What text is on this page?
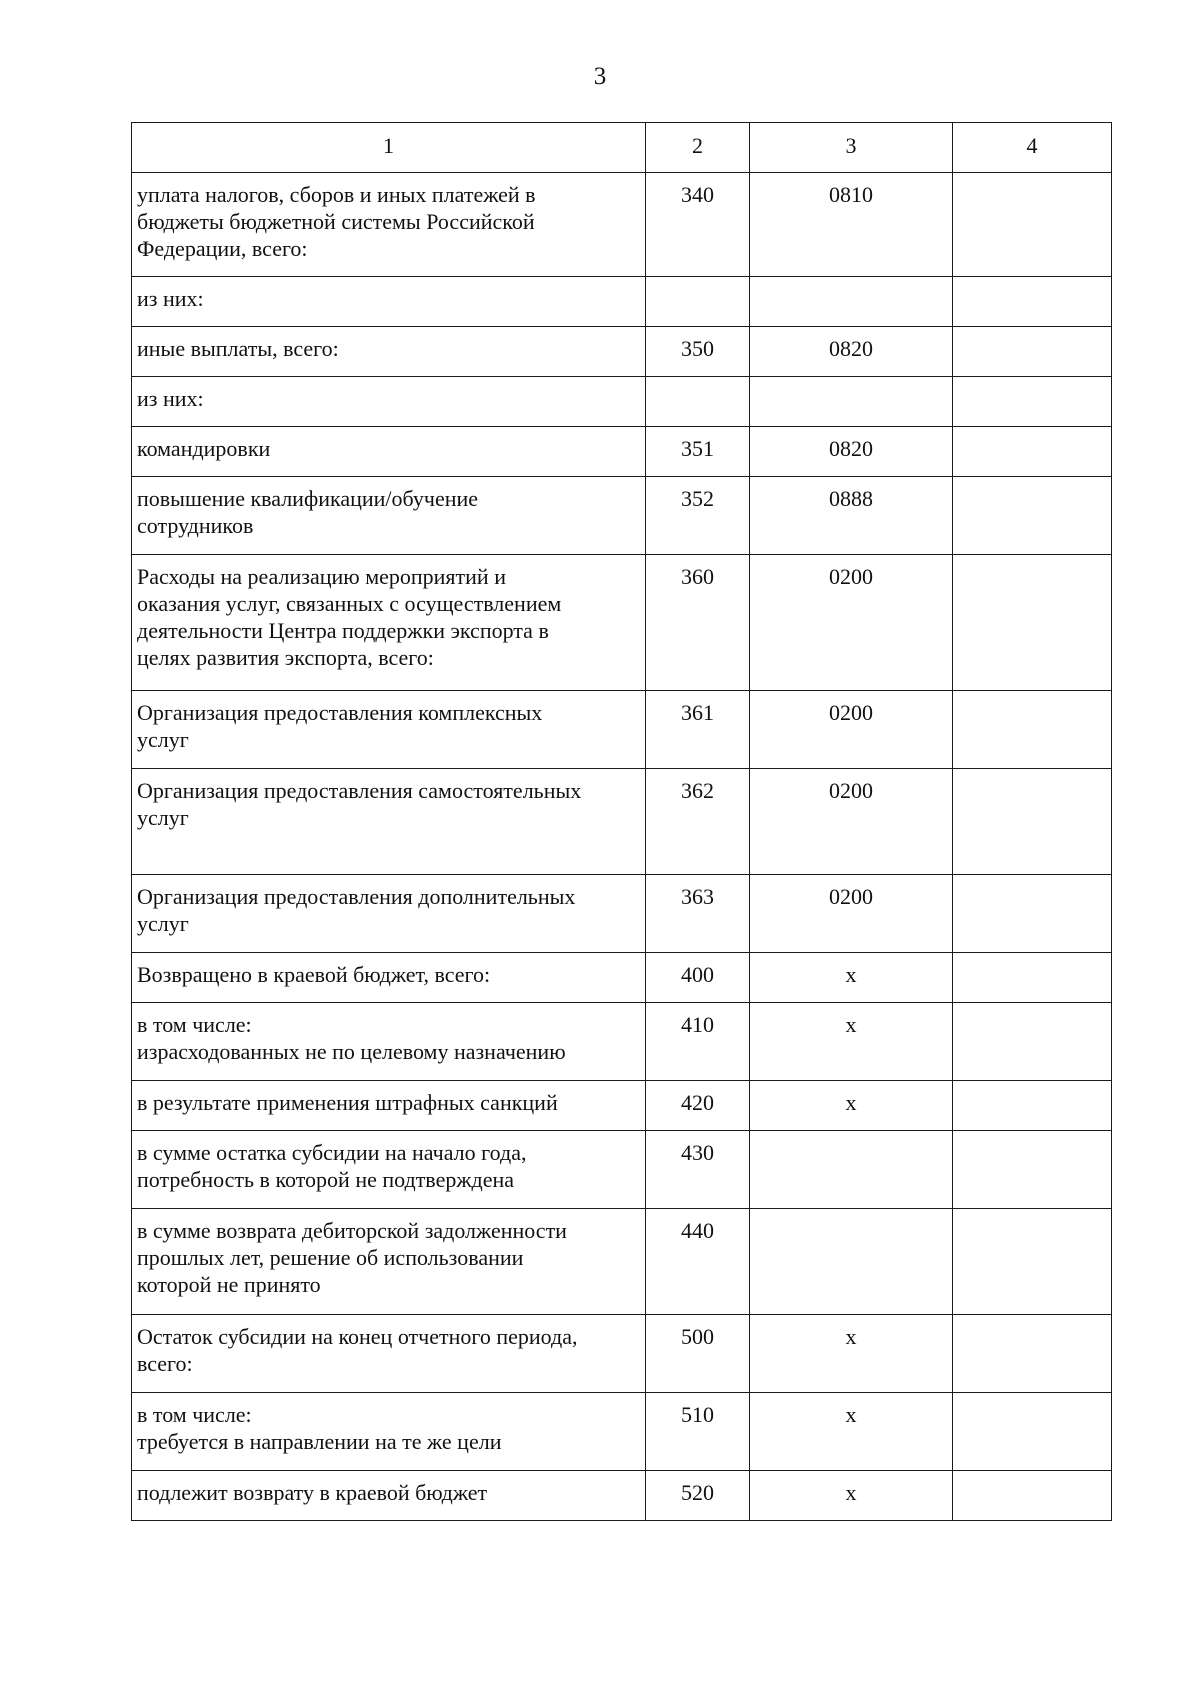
3
1	2	3	4
уплата налогов, сборов и иных платежей в
бюджеты бюджетной системы Российской
Федерации, всего:	340	0810	
из них:			
иные выплаты, всего:	350	0820	
из них:			
командировки	351	0820	
повышение квалификации/обучение
сотрудников	352	0888	
Расходы на реализацию мероприятий и
оказания услуг, связанных с осуществлением
деятельности Центра поддержки экспорта в
целях развития экспорта, всего:	360	0200	
Организация предоставления комплексных
услуг	361	0200	
Организация предоставления самостоятельных
услуг	362	0200	
Организация предоставления дополнительных
услуг	363	0200	
Возвращено в краевой бюджет, всего:	400	х	
в том числе:
израсходованных не по целевому назначению	410	х	
в результате применения штрафных санкций	420	х	
в сумме остатка субсидии на начало года,
потребность в которой не подтверждена	430		
в сумме возврата дебиторской задолженности
прошлых лет, решение об использовании
которой не принято	440		
Остаток субсидии на конец отчетного периода,
всего:	500	х	
в том числе:
требуется в направлении на те же цели	510	х	
подлежит возврату в краевой бюджет	520	х	
